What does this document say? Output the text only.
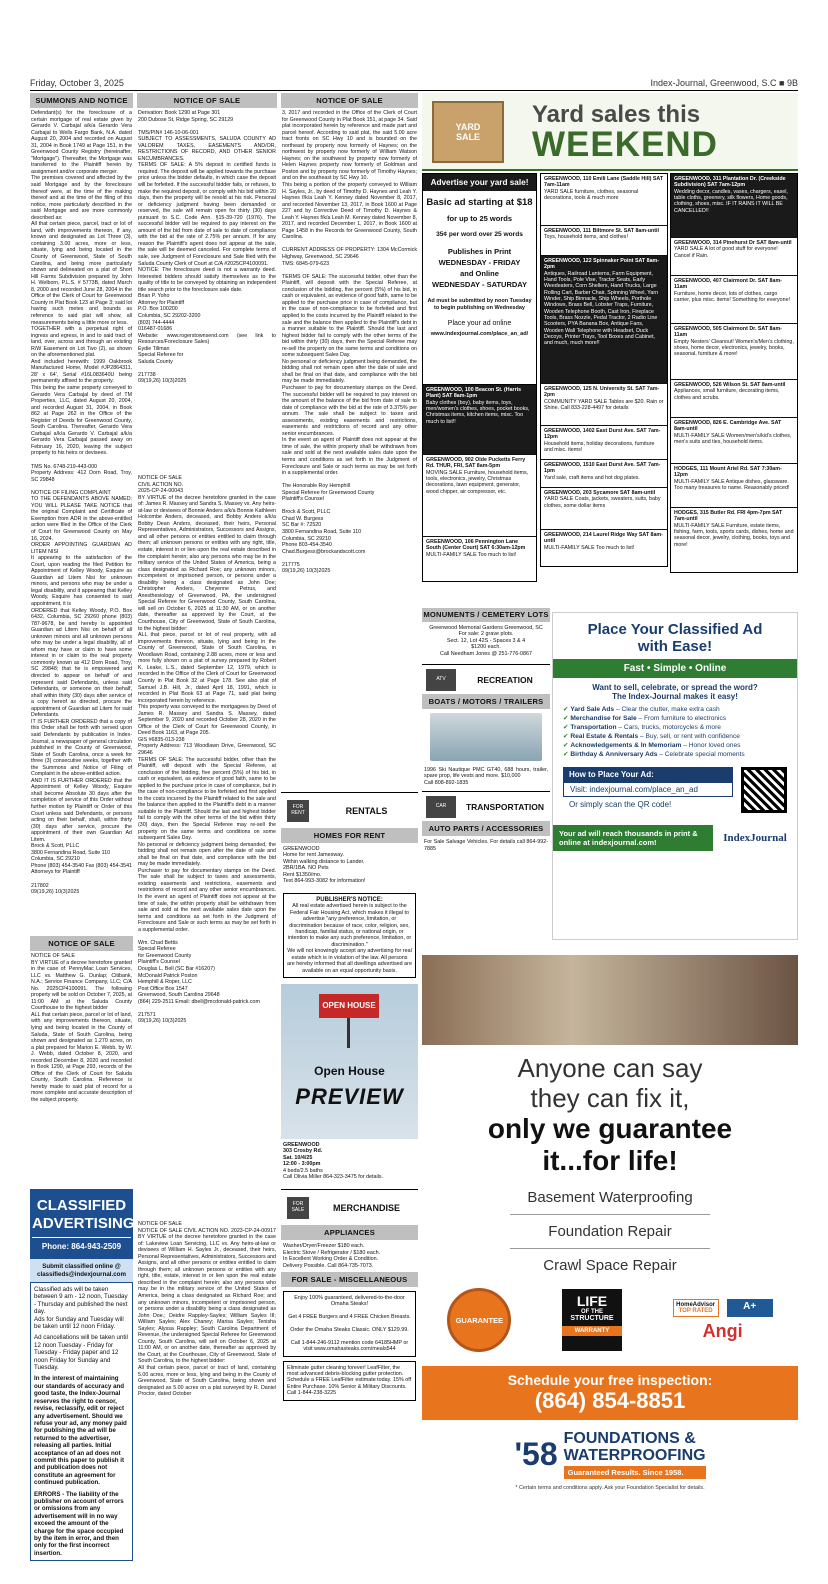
Friday, October 3, 2025	Index-Journal, Greenwood, S.C ■ 9B
SUMMONS AND NOTICE

Defendant(s) for the foreclosure of a certain mortgage of real estate given by Gerardo V. Carbajal a/k/a Gerardo Vera Carbajal to Wells Fargo Bank, N.A. dated August 20, 2004 and recorded on August 31, 2004 in Book 1749 at Page 151, in the Greenwood County Registry (hereinafter, "Mortgage"). Thereafter, the Mortgage was transferred to the Plaintiff herein by assignment and/or corporate merger.
The premises covered and affected by the said Mortgage and by the foreclosure thereof were, at the time of the making thereof and at the time of the filing of this notice, more particularly described in the said Mortgage and are more commonly described as:
All that certain piece, parcel, tract or lot of land, with improvements thereon, if any, known and designated as Lot Three (3), containing 3.00 acres, more or less, situate, lying and being located in the County of Greenwood, State of South Carolina, and being more particularly shown and delineated on a plat of Short Hill Farms Subdivision prepared by John H. Welborn, P.L.S. # 5773B, dated March 8, 2000 and recorded June 28, 2004 in the Office of the Clerk of Court for Greenwood County in Plat Book 123 at Page 3; said lot having such metes and bounds as reference to said plat will show, all measurements being a little more or less.
TOGETHER with a perpetual right of ingress and egress, in and to said tract of land, over, across and through an existing R/W Easement on Lot Two (2), as shown on the aforementioned plat.
And included herewith: 1999 Oakbrook Manufactured Home, Model #JP2864311, 28' x 64', Serial #16L083640U being permanently affixed to the property.
This being the same property conveyed to Gerardo Vera Carbajal by deed of TM Properties, LLC, dated August 20, 2004, and recorded August 31, 2004, in Book 862 at Page 262 in the Office of the Register of Deeds for Greenwood County, South Carolina. Thereafter, Gerardo Vera Carbajal a/k/a Gerardo V. Carbajal a/k/a Gerardo Vera Carbajal passed away on February 16, 2020, leaving the subject property to his heirs or devisees.

TMS No. 6748-219-443-000
Property Address: 412 Dorn Road, Troy, SC 29848

NOTICE OF FILING COMPLAINT
TO THE DEFENDANTS ABOVE NAMED: YOU WILL PLEASE TAKE NOTICE that the original Complaint and Certificate of Exemption from ADR in the above-entitled action were filed in the Office of the Clerk of Court for Greenwood County on May 16, 2024.
ORDER APPOINTING GUARDIAN AD LITEM NISI
It appearing to the satisfaction of the Court, upon reading the filed Petition for Appointment of Kelley Woody, Esquire as Guardian ad Litem Nisi for unknown minors, and persons who may be under a legal disability, and it appearing that Kelley Woody, Esquire has consented to said appointment, it is
ORDERED that Kelley Woody, P.O. Box 6432, Columbia, SC 29260 phone (803) 787-9678, be and hereby is appointed Guardian ad Litem Nisi on behalf of all unknown minors and all unknown persons who may be under a legal disability, all of whom may have or claim to have some interest in or claim to the real property commonly known as 412 Dorn Road, Troy, SC 29848; that he is empowered and directed to appear on behalf of and represent said Defendants, unless said Defendants, or someone on their behalf, shall within thirty (30) days after service of a copy hereof as directed, procure the appointment of Guardian ad Litem for said Defendants.
IT IS FURTHER ORDERED that a copy of this Order shall be forth with served upon said Defendants by publication in Index-Journal, a newspaper of general circulation published in the County of Greenwood, State of South Carolina, once a week for three (3) consecutive weeks, together with the Summons and Notice of Filing of Complaint in the above-entitled action.
AND IT IS FURTHER ORDERED that the Appointment of Kelley Woody, Esquire shall become Absolute 30 days after the completion of service of this Order without further motion by Plaintiff or Order of this Court unless said Defendants, or persons acting on their behalf, shall, within thirty (30) days after service, procure the appointment of their own Guardian Ad Litem.
Brock & Scott, PLLC
3800 Fernandina Road, Suite 110
Columbia, SC 29210
Phone (803) 454-3540 Fax (803) 454-3541
Attorneys for Plaintiff

217802
09(19,26) 10(3)2025

NOTICE OF SALE

NOTICE OF SALE
BY VIRTUE of a decree heretofore granted in the case of: PennyMac Loan Services, LLC vs. Matthew G. Dunlap; Citibank, N.A.; Service Finance Company, LLC; C/A No. 2025CP4100091. The following property will be sold on October 7, 2025, at 11:00 AM at the Saluda County Courthouse to the highest bidder
ALL that certain piece, parcel or lot of land, with any improvements thereon, situate, lying and being located in the County of Saluda, State of South Carolina, being shown and designated as 1.270 acres, on a plat prepared for Marion E. Webb, by W. J. Webb, dated October 8, 2020, and recorded December 8, 2020 and recorded in Book 1290, at Page 293, records of the Office of the Clerk of Court for Saluda County, South Carolina. Reference is hereby made to said plat of record for a more complete and accurate description of the subject property.

CLASSIFIED
ADVERTISING
Phone: 864-943-2509
Submit classified online @
classifieds@indexjournal.com

Classified ads will be taken between 9 am - 12 noon, Tuesday - Thursday and published the next day.
Ads for Sunday and Tuesday will be taken until 12 noon Friday.

Ad cancellations will be taken until 12 noon Tuesday - Friday for Tuesday - Friday paper and 12 noon Friday for Sunday and Tuesday.

In the interest of maintaining our standards of accuracy and good taste, the Index-Journal reserves the right to censor, revise, reclassify, edit or reject any advertisement. Should we refuse your ad, any money paid for publishing the ad will be returned to the advertiser, releasing all parties. Initial acceptance of an ad does not commit this paper to publish it and publication does not constitute an agreement for continued publication.

ERRORS - The liability of the publisher on account of errors or omissions from any advertisement will in no way exceed the amount of the charge for the space occupied by the item in error, and then only for the first incorrect insertion.

NOTICE OF SALE

Derivation: Book 1290 at Page 301
200 Dubose St, Ridge Spring, SC 29129

TMS/PIN# 146-10-06-001
SUBJECT TO ASSESSMENTS, SALUDA COUNTY AD VALOREM TAXES, EASEMENTS AND/OR, RESTRICTIONS OF RECORD, AND OTHER SENIOR ENCUMBRANCES.
TERMS OF SALE: A 5% deposit in certified funds is required. The deposit will be applied towards the purchase price unless the bidder defaults, in which case the deposit will be forfeited. If the successful bidder fails, or refuses, to make the required deposit, or comply with his bid within 20 days, then the property will be resold at his risk. Personal or deficiency judgment having been demanded or reserved, the sale will remain open for thirty (30) days pursuant to S.C. Code Ann. §15-39-720 (1976). The successful bidder will be required to pay interest on the amount of the bid from date of sale to date of compliance with the bid at the rate of 2.75% per annum. If for any reason the Plaintiff's agent does not appear at the sale, the sale will be deemed canceled. For complete terms of sale, see Judgment of Foreclosure and Sale filed with the Saluda County Clerk of Court at C/A #2025CP4100091.
NOTICE: The foreclosure deed is not a warranty deed. Interested bidders should satisfy themselves as to the quality of title to be conveyed by obtaining an independent title search prior to the foreclosure sale date.
Brian P. Yoho
Attorney for Plaintiff
P.O. Box 100200
Columbia, SC 29202-3200
(803) 744-4444
016487-01686
Website: www.rogerstownsend.com (see link to Resources/Foreclosure Sales)
Eydie Tillman
Special Referee for
Saluda County

217738
09(19,26) 10(3)2025

NOTICE OF SALE
CIVIL ACTION NO.
2025-CP-24-00043
BY VIRTUE of the decree heretofore granted in the case of: James R. Massey and Sandra S. Massey vs. Any heirs-at-law or devisees of Bonnie Anders a/k/a Bonnie Kathleen Holcombe Anders, deceased, and Bobby Anders a/k/a Bobby Dean Anders, deceased, their heirs, Personal Representatives, Administrators, Successors and Assigns, and all other persons or entities entitled to claim through them; all unknown persons or entities with any right, title, estate, interest in or lien upon the real estate described in the complaint herein; also any persons who may be in the military service of the United States of America, being a class designated as Richard Roe; any unknown minors, incompetent or imprisoned person, or persons under a disability being a class designated as John Doe; Christopher Anders, Cheyenne Petrus, and Anesthesiology of Greenwood, PA, the undersigned Special Referee for Greenwood County, South Carolina, will sell on October 6, 2025 at 11:30 AM, or on another date, thereafter as approved by the Court, at the Courthouse, City of Greenwood, State of South Carolina, to the highest bidder:
ALL that piece, parcel or lot of real property, with all improvements thereon, situate, lying and being in the County of Greenwood, State of South Carolina, in Woodlawn Road, containing 2.88 acres, more or less and more fully shown on a plat of survey prepared by Robert K. Leake, L.S., dated September 12, 1979, which is recorded in the Office of the Clerk of Court for Greenwood County in Plat Book 32 at Page 178. See also plat of Samuel J.B. Hill, Jr., dated April 18, 1991, which is recorded in Plat Book 63 at Page 71, said plat being incorporated herein by reference.
This property was conveyed to the mortgagees by Deed of James R. Massey and Sandra S. Massey, dated September 9, 2020 and recorded October 28, 2020 in the Office of the Clerk of Court for Greenwood County, in Deed Book 1163, at Page 205.
GIS #6835-013-238
Property Address: 713 Woodlawn Drive, Greenwood, SC 29646
TERMS OF SALE: The successful bidder, other than the Plaintiff, will deposit with the Special Referee, at conclusion of the bidding, five percent (5%) of his bid, in cash or equivalent, as evidence of good faith, same to be applied to the purchase price in case of compliance, but in the case of non-compliance to be forfeited and first applied to the costs incurred by the Plaintiff related to the sale and the balance then applied to the Plaintiff's debt in a manner suitable to the Plaintiff. Should the last and highest bidder fail to comply with the other terms of the bid within thirty (30) days, then the Special Referee may re-sell the property on the same terms and conditions on some subsequent Sales Day.
No personal or deficiency judgment being demanded, the bidding shall not remain open after the date of sale and shall be final on that date, and compliance with the bid may be made immediately.
Purchaser to pay for documentary stamps on the Deed. The sale shall be subject to taxes and assessments, existing easements and restrictions, easements and restrictions of record and any other senior encumbrances. In the event an agent of Plaintiff does not appear at the time of sale, the within property shall be withdrawn from sale and sold at the next available sales date upon the terms and conditions as set forth in the Judgment of Foreclosure and Sale or such terms as may be set forth in a supplemental order.

Wm. Chad Bettis
Special Referee
for Greenwood County
Plaintiff's Counsel
Douglas L. Bell (SC Bar #16207)
McDonald Patrick Poston
Hemphill & Roper, LLC
Post Office Box 1547
Greenwood, South Carolina 29648
(864) 229-2511 Email: dbell@mcdonald-patrick.com

217571
09(19,26) 10(3)2025

NOTICE OF SALE
NOTICE OF SALE CIVIL ACTION NO. 2023-CP-24-00917 BY VIRTUE of the decree heretofore granted in the case of: Lakeview Loan Servicing, LLC vs. Any heirs-at-law or devisees of William H. Sayles Jr., deceased, their heirs, Personal Representatives, Administrators, Successors and Assigns, and all other persons or entities entitled to claim through them; all unknown persons or entities with any right, title, estate, interest in or lien upon the real estate described in the complaint herein; also any persons who may be in the military service of the United States of America, being a class designated as Richard Roe; and any unknown minors, incompetent or imprisoned person, or persons under a disability being a class designated as John Doe.; Deidre Rappley-Sayles; William Sayles III; William Sayles; Alex Chaney; Marisa Sayles; Tenisha Sayles; Alyssa Rappley; South Carolina Department of Revenue, the undersigned Special Referee for Greenwood County, South Carolina, will sell on October 6, 2025 at 11:00 AM, or on another date, thereafter as approved by the Court, at the Courthouse, City of Greenwood, State of South Carolina, to the highest bidder:
All that certain piece, parcel or tract of land, containing 5.00 acres, more or less, lying and being in the County of Greenwood, State of South Carolina, being shown and designated as 5.00 acres on a plat surveyed by R. Daniel Proctor, dated October

NOTICE OF SALE

3, 2017 and recorded in the Office of the Clerk of Court for Greenwood County in Plat Book 151, at page 34. Said plat incorporated herein by reference and made part and parcel hereof. According to said plat, the said 5.00 acre tract fronts on SC Hwy 10 and is bounded on the northeast by property now formerly of Haynes; on the northwest by property now formerly of William Watson Haynes; on the southwest by property now formerly of Helen Haynes property now formerly of Goldman and Poston and by property now formerly of Timothy Haynes; and on the southeast by SC Hwy 10.
This being a portion of the property conveyed to William H. Sayles, Jr., by deed of Timothy D. Haynes and Leah Y. Haynes f/k/a Leah Y. Kenney dated November 8, 2017, and recorded November 13, 2017, in Book 1600 at Page 227 and by Corrective Deed of Timothy D. Haynes & Leah Y. Haynes f/k/a Leah M. Kenney dated November 8, 2017, and recorded December 1, 2017, in Book 1600 at Page 1458 in the Records for Greenwood County, South Carolina.

CURRENT ADDRESS OF PROPERTY: 1304 McCormick Highway, Greenwood, SC 29646
TMS: 6845-079-623

TERMS OF SALE: The successful bidder, other than the Plaintiff, will deposit with the Special Referee, at conclusion of the bidding, five percent (5%) of his bid, in cash or equivalent, as evidence of good faith, same to be applied to the purchase price in case of compliance, but in the case of non-compliance to be forfeited and first applied to the costs incurred by the Plaintiff related to the sale and the balance then applied to the Plaintiff's debt in a manner suitable to the Plaintiff. Should the last and highest bidder fail to comply with the other terms of the bid within thirty (30) days, then the Special Referee may re-sell the property on the same terms and conditions on some subsequent Sales Day.
No personal or deficiency judgment being demanded, the bidding shall not remain open after the date of sale and shall be final on that date, and compliance with the bid may be made immediately.
Purchaser to pay for documentary stamps on the Deed. The successful bidder will be required to pay interest on the amount of the balance of the bid from date of sale to date of compliance with the bid at the rate of 3.375% per annum. The sale shall be subject to taxes and assessments, existing easements and restrictions, easements and restrictions of record and any other senior encumbrances.
In the event an agent of Plaintiff does not appear at the time of sale, the within property shall be withdrawn from sale and sold at the next available sales date upon the terms and conditions as set forth in the Judgment of Foreclosure and Sale or such terms as may be set forth in a supplemental order.

The Honorable Roy Hemphill
Special Referee for Greenwood County
Plaintiff's Counsel

Brock & Scott, PLLC
Chad W. Burgess
SC Bar #: 72520
3800 Fernandina Road, Suite 110
Columbia, SC 29210
Phone 803-454-3540
Chad.Burgess@brockandscott.com

217775
09(19,26) 10(3)2025

FOR
RENT	RENTALS
HOMES FOR RENT

GREENWOOD
Home for rent Jamesway.
Within walking distance to Lander.
2BR/1BA. NO Pets
Rent $1350/mo.
Text 864-993-3082 for information!

PUBLISHER'S NOTICE:

All real estate advertised herein is subject to the Federal Fair Housing Act, which makes it illegal to advertise "any preference, limitation, or discrimination because of race, color, religion, sex, handicap, familial status, or national origin, or intention to make any such preference, limitation, or discrimination."
We will not knowingly accept any advertising for real estate which is in violation of the law. All persons are hereby informed that all dwellings advertised are available on an equal opportunity basis.

OPEN HOUSE
Open House
PREVIEW

GREENWOOD
303 Crosby Rd.
Sat. 10/4/25
12:00 - 3:00pm

4 beds/2.5 baths
Call Olivia Miller 864-323-3475 for details.

FOR
SALE	MERCHANDISE
APPLIANCES

Washer/Dryer/Freezer $180 each.
Electric Stove / Refrigerator / $180 each.
In Excellent Working Order & Condition.
Delivery Possible. Call 864-735-7073.

FOR SALE - MISCELLANEOUS

Enjoy 100% guaranteed, delivered-to-the-door Omaha Steaks!

Get 4 FREE Burgers and 4 FREE Chicken Breasts.

Order the Omaha Steaks Classic. ONLY $129.99.

Call 1-844-246-9112 mention code 64185HMP or visit www.omahasteaks.com/meals544

Eliminate gutter cleaning forever! LeafFilter, the most advanced debris-blocking gutter protection. Schedule a FREE LeafFilter estimate today. 15% off Entire Purchase. 10% Senior & Military Discounts. Call 1-844-238-3225

YARD
SALE
Yard sales this
WEEKEND
Advertise your yard sale!
Basic ad starting at $18
for up to 25 words
35¢ per word over 25 words
Publishes in Print
WEDNESDAY - FRIDAY
and Online
WEDNESDAY - SATURDAY
Ad must be submitted by noon Tuesday to begin publishing on Wednesday
Place your ad online
www.indexjournal.com/place_an_ad/
GREENWOOD, 100 Beacon St. (Harris Plant) SAT 8am-1pm
Baby clothes (boy), baby items, toys, men/women's clothes, shoes, pocket books, Christmas items, kitchen items, misc. Too much to list!!
GREENWOOD, 902 Olde Pucketts Ferry Rd. THUR, FRI, SAT 8am-5pm
MOVING SALE Furniture, household items, tools, electronics, jewelry, Christmas decorations, lawn equipment, generator, wood chipper, air compressor, etc.
GREENWOOD, 106 Pennington Lane South (Center Court) SAT 6:30am-12pm
MULTI-FAMILY SALE Too much to list!
GREENWOOD, 110 Emili Lane (Saddle Hill) SAT 7am-11am
YARD SALE furniture, clothes, seasonal decorations, tools & much more
GREENWOOD, 111 Biltmore St. SAT 8am-until
Toys, household items, and clothes!
GREENWOOD, 122 Spinnaker Point SAT 8am-2pm
Antiques, Railroad Lanterns, Farm Equipment, Hand Tools, Pole Vise, Tractor Seats, Early Weedeaters, Corn Shellers, Hand Trucks, Large Rolling Cart, Barber Chair, Spinning Wheel, Yarn Winder, Ship Binnacle, Ship Wheels, Porthole Windows, Brass Bell, Lobster Traps, Furniture, Wooden Telephone Booth, Cast Iron, Fireplace Tools, Brass Nozzle, Pedal Tractor, 2 Radio Line Scooters, PYA Banana Box, Antique Fans, Wooden Wall Telephone with Headset, Duck Decoys, Printer Trays, Tool Boxes and Cabinet, and much, much more!!
GREENWOOD, 125 N. University St. SAT 7am-2pm
COMMUNITY YARD SALE Tables are $20. Rain or Shine. Call 833-228-4497 for details
GREENWOOD, 1402 East Durst Ave. SAT 7am-12pm
Household items, holiday decorations, furniture and misc. items!
GREENWOOD, 1510 East Durst Ave. SAT 7am-1pm
Yard sale, craft items and hot dog plates.
GREENWOOD, 203 Sycamore SAT 8am-until
YARD SALE Coats, jackets, sweaters, suits, baby clothes, some dollar items
GREENWOOD, 214 Laurel Ridge Way SAT 8am-until
MULTI-FAMILY SALE Too much to list!
GREENWOOD, 311 Plantation Dr. (Creekside Subdivision) SAT 7am-12pm
Wedding decor, candles, vases, chargers, easel, table cloths, greenery, silk flowers, Home goods, clothing, shoes, misc. IF IT RAINS IT WILL BE CANCELLED!!
GREENWOOD, 314 Pinehurst Dr SAT 8am-until
YARD SALE A lot of good stuff for everyone! Cancel if Rain.
GREENWOOD, 407 Clairmont Dr. SAT 8am-11am
Furniture, home decor, lots of clothes, cargo carrier, plus misc. items! Something for everyone!
GREENWOOD, 505 Clairmont Dr. SAT 8am-11am
Empty Nesters' Cleanout! Women's/Men's clothing, shoes, home decor, electronics, jewelry, books, seasonal, furniture & more!
GREENWOOD, 526 Wilson St. SAT 8am-until
Appliances, small furniture, decorating items, clothes and scrubs.
GREENWOOD, 826 E. Cambridge Ave. SAT 8am-until
MULTI-FAMILY SALE Women/men's/kid's clothes, men's suits and ties, household items.
HODGES, 111 Mount Ariel Rd. SAT 7:30am-12pm
MULTI-FAMILY SALE Antique dishes, glassware. Too many treasures to name. Reasonably priced!
HODGES, 315 Butler Rd. FRI 4pm-7pm SAT 7am-until
MULTI-FAMILY SALE Furniture, estate items, fishing, farm, tools, sports cards, dishes, home and seasonal decor, jewelry, clothing, books, toys and more!
MONUMENTS / CEMETERY LOTS

Greenwood Memorial Gardens Greenwood, SC
For sale: 2 grave plots.
Sect. 12, Lot 42S - Spaces 3 & 4
$1200 each.
Call Needham Jones @ 251-776-0867

ATV	RECREATION
BOATS / MOTORS / TRAILERS

1996 Ski Nautique PMC GT40, 688 hours, trailer, spare prop, life vests and more. $10,000
Call 808-892-1835

CAR	TRANSPORTATION
AUTO PARTS / ACCESSORIES

For Sale Salvage Vehicles. For details call 864-992-7885

Place Your Classified Ad
with Ease!
Fast • Simple • Online
Want to sell, celebrate, or spread the word?
The Index-Journal makes it easy!
✔ Yard Sale Ads – Clear the clutter, make extra cash
✔ Merchandise for Sale – From furniture to electronics
✔ Transportation – Cars, trucks, motorcycles & more
✔ Real Estate & Rentals – Buy, sell, or rent with confidence
✔ Acknowledgements & In Memoriam – Honor loved ones
✔ Birthday & Anniversary Ads – Celebrate special moments
How to Place Your Ad:
Visit: indexjournal.com/place_an_ad
Or simply scan the QR code!
Your ad will reach thousands in print & online at indexjournal.com!	IndexJournal
Anyone can say
they can fix it,
only we guarantee
it...for life!
Basement Waterproofing
Foundation Repair
Crawl Space Repair
GUARANTEE
LIFE
OF THE
STRUCTURE
WARRANTY
HomeAdvisor
TOP RATED	A+
Angi
Schedule your free inspection:
(864) 854-8851
'58 FOUNDATIONS &
WATERPROOFING
Guaranteed Results. Since 1958.
* Certain terms and conditions apply. Ask your Foundation Specialist for details.
